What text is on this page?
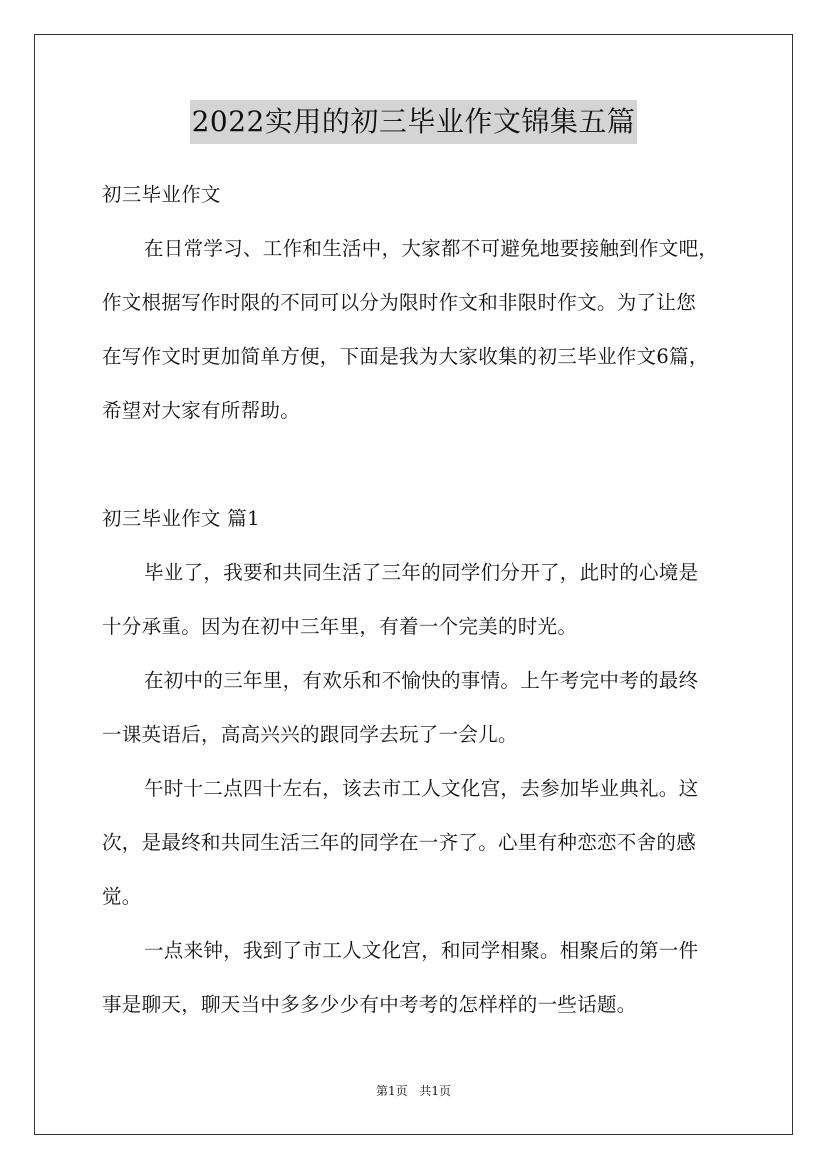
2022实用的初三毕业作文锦集五篇
初三毕业作文
在日常学习、工作和生活中，大家都不可避免地要接触到作文吧，
作文根据写作时限的不同可以分为限时作文和非限时作文。为了让您
在写作文时更加简单方便，下面是我为大家收集的初三毕业作文6篇，
希望对大家有所帮助。
初三毕业作文 篇1
毕业了，我要和共同生活了三年的同学们分开了，此时的心境是
十分承重。因为在初中三年里，有着一个完美的时光。
在初中的三年里，有欢乐和不愉快的事情。上午考完中考的最终
一课英语后，高高兴兴的跟同学去玩了一会儿。
午时十二点四十左右，该去市工人文化宫，去参加毕业典礼。这
次，是最终和共同生活三年的同学在一齐了。心里有种恋恋不舍的感
觉。
一点来钟，我到了市工人文化宫，和同学相聚。相聚后的第一件
事是聊天，聊天当中多多少少有中考考的怎样样的一些话题。
第1页 共1页
